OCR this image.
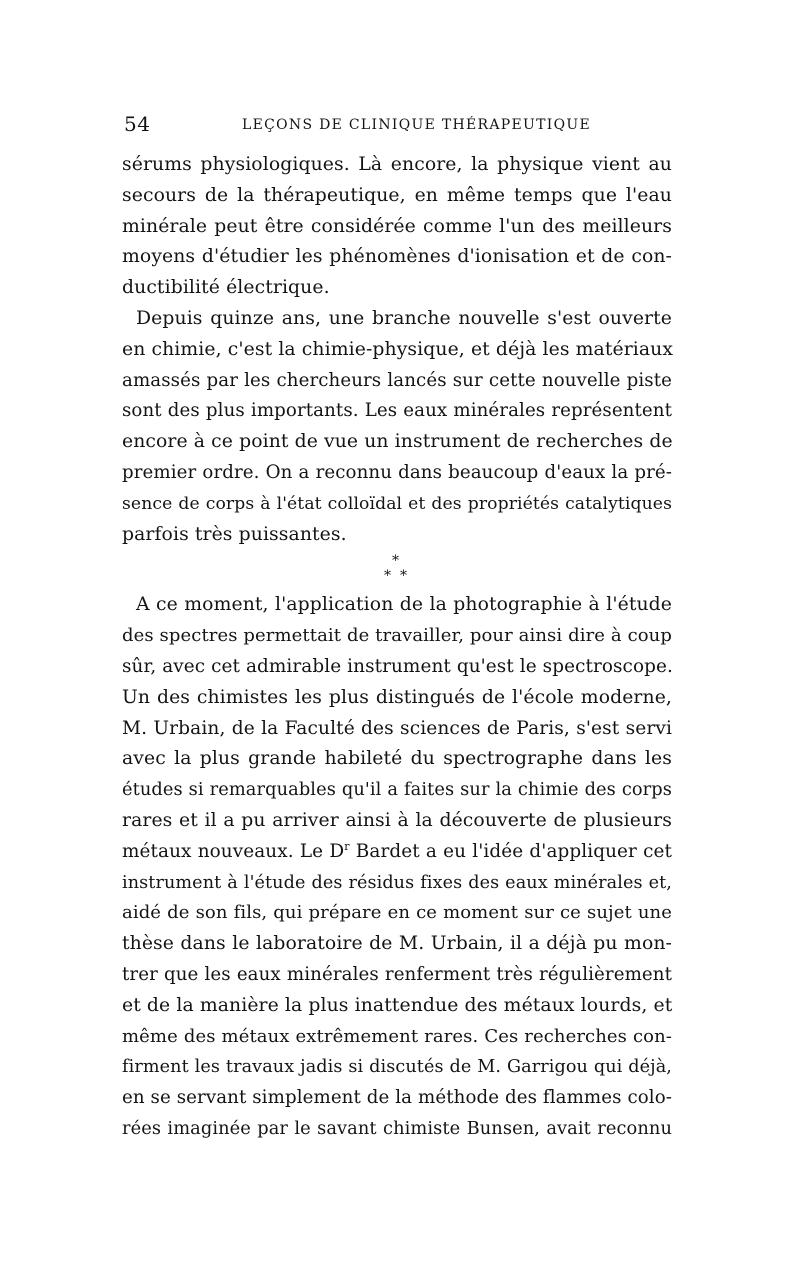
54	LEÇONS DE CLINIQUE THÉRAPEUTIQUE
sérums physiologiques. Là encore, la physique vient au
secours de la thérapeutique, en même temps que l'eau
minérale peut être considérée comme l'un des meilleurs
moyens d'étudier les phénomènes d'ionisation et de con-
ductibilité électrique.
Depuis quinze ans, une branche nouvelle s'est ouverte
en chimie, c'est la chimie-physique, et déjà les matériaux
amassés par les chercheurs lancés sur cette nouvelle piste
sont des plus importants. Les eaux minérales représentent
encore à ce point de vue un instrument de recherches de
premier ordre. On a reconnu dans beaucoup d'eaux la pré-
sence de corps à l'état colloïdal et des propriétés catalytiques
parfois très puissantes.
*
* *
A ce moment, l'application de la photographie à l'étude
des spectres permettait de travailler, pour ainsi dire à coup
sûr, avec cet admirable instrument qu'est le spectroscope.
Un des chimistes les plus distingués de l'école moderne,
M. Urbain, de la Faculté des sciences de Paris, s'est servi
avec la plus grande habileté du spectrographe dans les
études si remarquables qu'il a faites sur la chimie des corps
rares et il a pu arriver ainsi à la découverte de plusieurs
métaux nouveaux. Le $D^r$ Bardet a eu l'idée d'appliquer cet
instrument à l'étude des résidus fixes des eaux minérales et,
aidé de son fils, qui prépare en ce moment sur ce sujet une
thèse dans le laboratoire de M. Urbain, il a déjà pu mon-
trer que les eaux minérales renferment très régulièrement
et de la manière la plus inattendue des métaux lourds, et
même des métaux extrêmement rares. Ces recherches con-
firment les travaux jadis si discutés de M. Garrigou qui déjà,
en se servant simplement de la méthode des flammes colo-
rées imaginée par le savant chimiste Bunsen, avait reconnu
